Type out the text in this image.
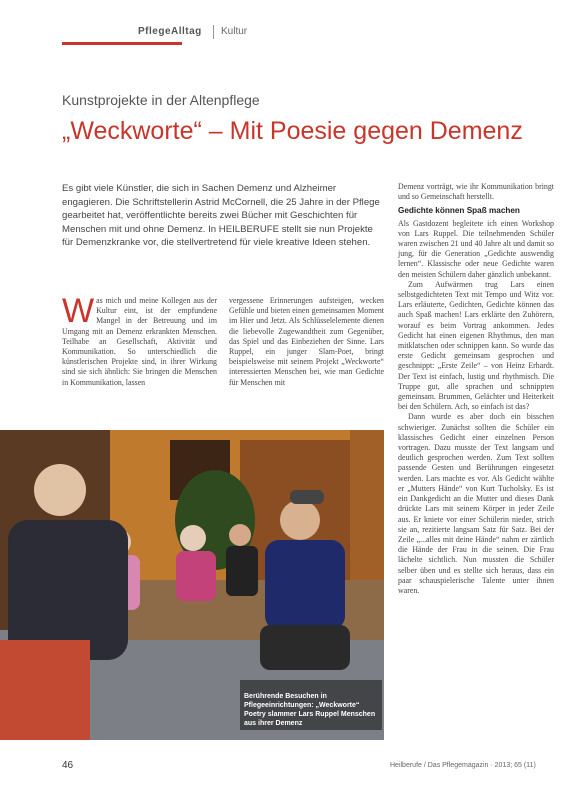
PflegeAlltag Kultur
Kunstprojekte in der Altenpflege
„Weckworte“ – Mit Poesie gegen Demenz
Es gibt viele Künstler, die sich in Sachen Demenz und Alzheimer engagieren. Die Schriftstellerin Astrid McCornell, die 25 Jahre in der Pflege gearbeitet hat, veröffentlichte bereits zwei Bücher mit Geschichten für Menschen mit und ohne Demenz. In HEILBERUFE stellt sie nun Projekte für Demenzkranke vor, die stellvertretend für viele kreative Ideen stehen.
W as mich und meine Kollegen aus der Kultur eint, ist der empfundene Mangel in der Betreuung und im Umgang mit an Demenz erkrankten Menschen. Teilhabe an Gesellschaft, Aktivität und Kommunikation. So unterschiedlich die künstlerischen Projekte sind, in ihrer Wirkung sind sie sich ähnlich: Sie bringen die Menschen in Kommunikation, lassen

vergessene Erinnerungen aufsteigen, wecken Gefühle und bieten einen gemeinsamen Moment im Hier und Jetzt. Als Schlüsselelemente dienen die liebevolle Zugewandtheit zum Gegenüber, das Spiel und das Einbeziehen der Sinne. Lars Ruppel, ein junger Slam-Poet, bringt beispielsweise mit seinem Projekt „Weckworte“ interessierten Menschen bei, wie man Gedichte für Menschen mit

Demenz vorträgt, wie ihr Kommunikation bringt und so Gemeinschaft herstellt.

Gedichte können Spaß machen

Als Gastdozent begleitete ich einen Workshop von Lars Ruppel. Die teilnehmenden Schüler waren zwischen 21 und 40 Jahre alt und damit so jung, für die Generation „Gedichte auswendig lernen“. Klassische oder neue Gedichte waren den meisten Schülern daher gänzlich unbekannt.

Zum Aufwärmen trug Lars einen selbstgedichteten Text mit Tempo und Witz vor. Lars erläuterte, Gedichten, Gedichte können das auch Spaß machen! Lars erklärte den Zuhörern, worauf es beim Vortrag ankommen. Jedes Gedicht hat einen eigenen Rhythmus, den man mitklatschen oder schnippen kann. So wurde das erste Gedicht gemeinsam gesprochen und geschnippt: „Erste Zeile“ – von Heinz Erhardt. Der Text ist einfach, lustig und rhythmisch. Die Truppe gut, alle sprachen und schnippten gemeinsam. Brummen, Gelächter und Heiterkeit bei den Schülern. Ach, so einfach ist das?

Dann wurde es aber doch ein bisschen schwieriger. Zunächst sollten die Schüler ein klassisches Gedicht einer einzelnen Person vortragen. Dazu musste der Text langsam und deutlich gesprochen werden. Zum Text sollten passende Gesten und Berührungen eingesetzt werden. Lars machte es vor. Als Gedicht wählte er „Mutters Hände“ von Kurt Tucholsky. Es ist ein Dankgedicht an die Mutter und dieses Dank drückte Lars mit seinem Körper in jeder Zeile aus. Er kniete vor einer Schülerin nieder, strich sie an, rezitierte langsam Satz für Satz. Bei der Zeile „...alles mit deine Hände“ nahm er zärtlich die Hände der Frau in die seinen. Die Frau lächelte sichtlich. Nun mussten die Schüler selber üben und es stellte sich heraus, dass ein paar schauspielerische Talente unter ihnen waren.

Berührende Besuchen in Pflegeeinrichtungen: „Weckworte“ Poetry slammer Lars Ruppel Menschen aus ihrer Demenz
46	Heilberufe / Das Pflegemagazin · 2013; 65 (11)
